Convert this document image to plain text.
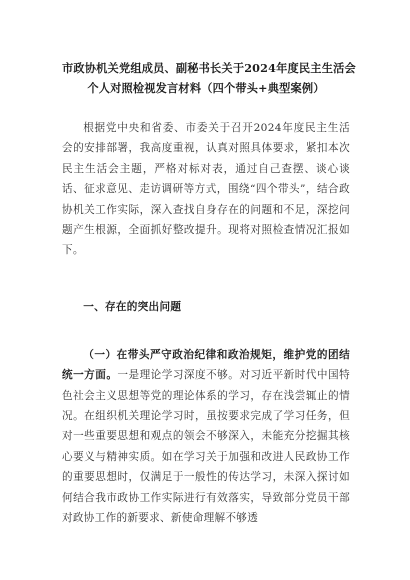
市政协机关党组成员、副秘书长关于2024年度民主生活会
个人对照检视发言材料（四个带头+典型案例）

根据党中央和省委、市委关于召开2024年度民主生活会的安排部署，我高度重视，认真对照具体要求，紧扣本次民主生活会主题，严格对标对表，通过自己查摆、谈心谈话、征求意见、走访调研等方式，围绕“四个带头”，结合政协机关工作实际，深入查找自身存在的问题和不足，深挖问题产生根源，全面抓好整改提升。现将对照检查情况汇报如下。

一、存在的突出问题

（一）在带头严守政治纪律和政治规矩，维护党的团结统一方面。一是理论学习深度不够。对习近平新时代中国特色社会主义思想等党的理论体系的学习，存在浅尝辄止的情况。在组织机关理论学习时，虽按要求完成了学习任务，但对一些重要思想和观点的领会不够深入，未能充分挖掘其核心要义与精神实质。如在学习关于加强和改进人民政协工作的重要思想时，仅满足于一般性的传达学习，未深入探讨如何结合我市政协工作实际进行有效落实，导致部分党员干部对政协工作的新要求、新使命理解不够透
